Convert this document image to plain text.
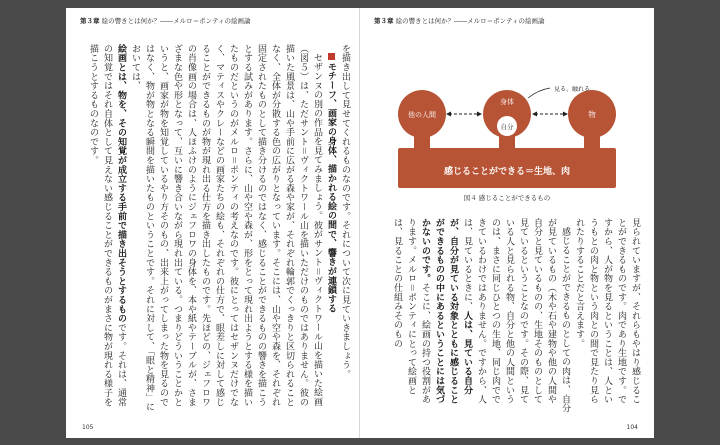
第３章 絵の響きとは何か？――メルロ＝ポンティの絵画論

を描き出して見せてくれるものなのです。それについて次に見ていきましょう。

モチーフ、画家の身体、描かれる絵の間で、響きが連鎖する

セザンヌの別の作品を見てみましょう。彼がサント＝ヴィクトワール山を描いた絵画（図５）は、ただサント＝ヴィクトワール山を描いただけのものではありません。彼の描いた風景は、山や手前に広がる森や家が、それぞれ輪郭でくっきりと区切られることなく、全体が分散する色の広がりとなっています。そこには、山や空や森を、それぞれ固定されたものとして描き分けるのではなく、感じることができるものの響きを描こうとする試みがあります。さらに、山や空や森が、形をとって現れ出ようとする様を描いたものだというのがメルロ＝ポンティの考えなのです。彼にとってはセザンヌだけでなく、マティスやクレーなどの画家たちの絵も、それぞれの仕方で、眼差しに対して感じることができるものが物が現れ出る仕方を描き出したものです。先ほどの、ジェフロワの肖像画の場合は、人ほふけのようにジェフロワの身体を、本や紙やテーブルが、さまざまな色や形となって、互いに響き合いながら現れ出ている。つまりどういうことかというと、画家が物を知覚しているやり方そのもの、出来上がってしまった物を見るのではなく、物が物となる瞬間を描いたものということです。それに対して、「眼と精神」においては、

絵画とは、物を、その知覚が成立する手前で描き出そうとするものです。それは、通常の知覚ではそれ自体として見えない感じることができるものがまさに物が現れる様子を描こうとするものなのです。

105
第３章 絵の響きとは何か？――メルロ＝ポンティの絵画論
他の人間
身体
自分
物
見る、触れる
感じることができる＝生地、肉
図４ 感じることができるもの

見られていますが、それらもやはり感じることができるものです。肉であり生地です。ですから、人が物を見るということは、人というもとの肉と物という肉との間で見たり見られたりすることだと言えます。

感じることができるものとしての肉は、自分が見ているもの（木や石や建物や他の人間や自分と見ているものの、生地そのものとして見ているということなのです。その際、見ている人と見られる物、自分と他の人間というのは、まさに同じひとつの生地、同じ肉でできているわけではありません。ですから、人は、見ているときに、人は、見ている自分が、自分が見ている対象とともに感じることができるものの中にあるということには気づかないのです。そこに、絵画の持つ役割があります。メルロ＝ポンティにとって絵画とは、見ることの仕組みそのもの

104
